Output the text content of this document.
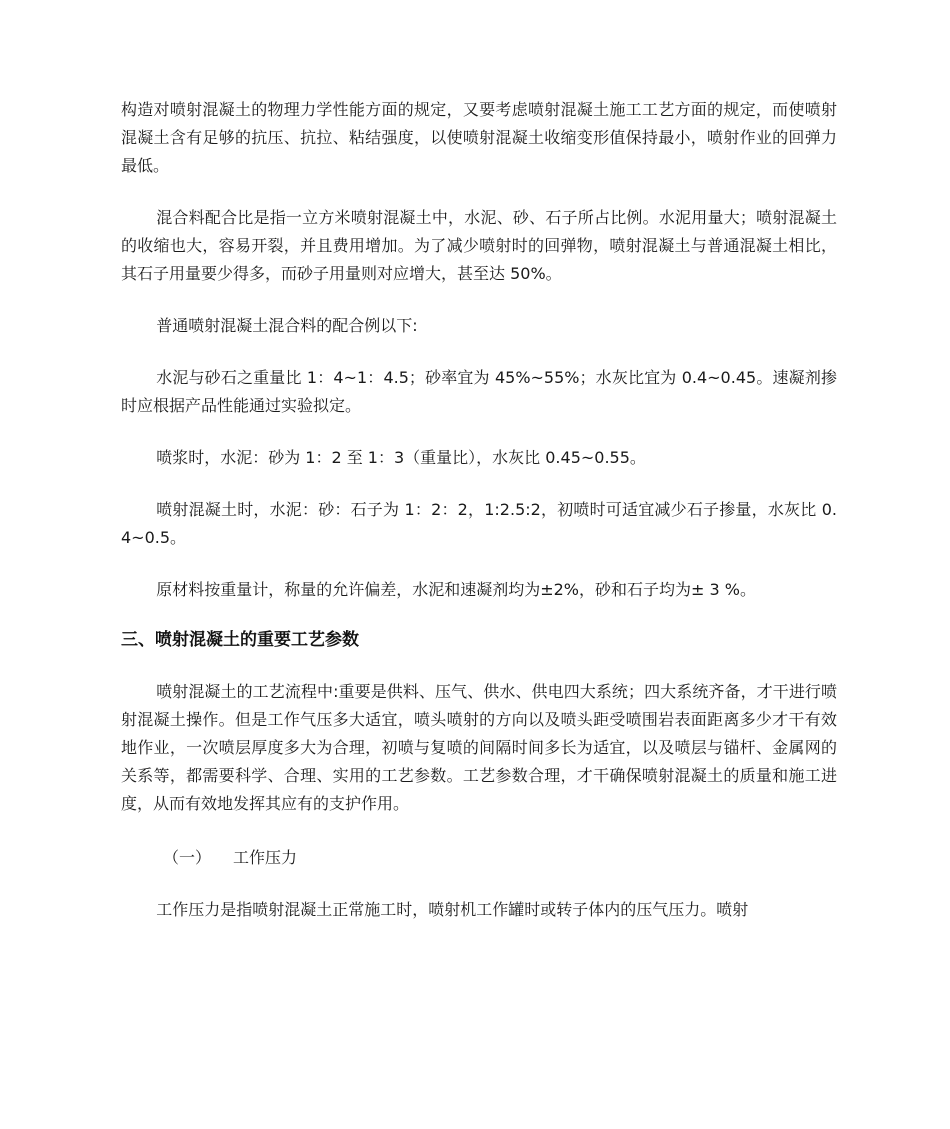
构造对喷射混凝土的物理力学性能方面的规定，又要考虑喷射混凝土施工工艺方面的规定，而使喷射混凝土含有足够的抗压、抗拉、粘结强度，以使喷射混凝土收缩变形值保持最小，喷射作业的回弹力最低。

混合料配合比是指一立方米喷射混凝土中，水泥、砂、石子所占比例。水泥用量大；喷射混凝土的收缩也大，容易开裂，并且费用增加。为了减少喷射时的回弹物，喷射混凝土与普通混凝土相比，其石子用量要少得多，而砂子用量则对应增大，甚至达 50%。

普通喷射混凝土混合料的配合例以下:

水泥与砂石之重量比 1：4~1：4.5；砂率宜为 45%~55%；水灰比宜为 0.4~0.45。速凝剂掺时应根据产品性能通过实验拟定。

喷浆时，水泥：砂为 1：2 至 1：3（重量比），水灰比 0.45~0.55。

喷射混凝土时，水泥：砂：石子为 1：2：2，1:2.5:2，初喷时可适宜减少石子掺量，水灰比 0.4~0.5。

原材料按重量计，称量的允许偏差，水泥和速凝剂均为±2%，砂和石子均为± 3 %。

三、喷射混凝土的重要工艺参数

喷射混凝土的工艺流程中:重要是供料、压气、供水、供电四大系统；四大系统齐备，才干进行喷射混凝土操作。但是工作气压多大适宜，喷头喷射的方向以及喷头距受喷围岩表面距离多少才干有效地作业，一次喷层厚度多大为合理，初喷与复喷的间隔时间多长为适宜，以及喷层与锚杆、金属网的关系等，都需要科学、合理、实用的工艺参数。工艺参数合理，才干确保喷射混凝土的质量和施工进度，从而有效地发挥其应有的支护作用。

（一） 工作压力

工作压力是指喷射混凝土正常施工时，喷射机工作罐时或转子体内的压气压力。喷射
